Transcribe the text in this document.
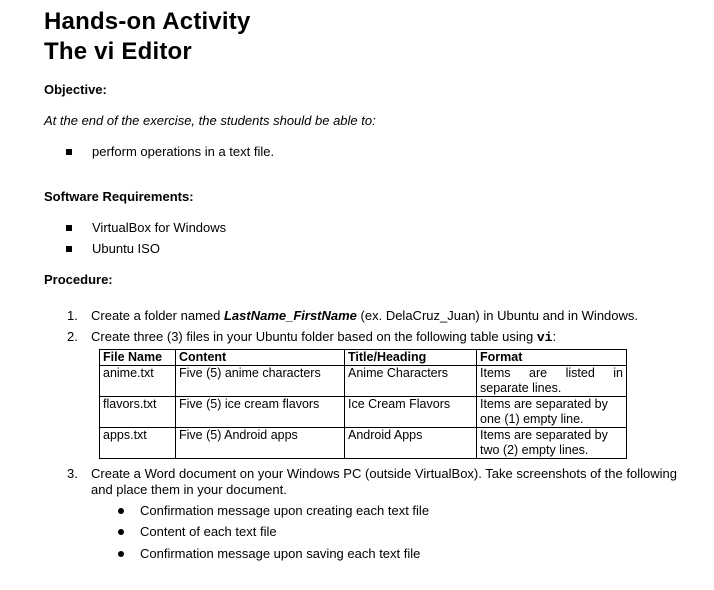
Hands-on Activity
The vi Editor
Objective:
At the end of the exercise, the students should be able to:
perform operations in a text file.
Software Requirements:
VirtualBox for Windows
Ubuntu ISO
Procedure:
1. Create a folder named LastName_FirstName (ex. DelaCruz_Juan) in Ubuntu and in Windows.
2. Create three (3) files in your Ubuntu folder based on the following table using vi:
File Name	Content	Title/Heading	Format
anime.txt	Five (5) anime characters	Anime Characters	Items are listed in separate lines.
flavors.txt	Five (5) ice cream flavors	Ice Cream Flavors	Items are separated by one (1) empty line.
apps.txt	Five (5) Android apps	Android Apps	Items are separated by two (2) empty lines.
3. Create a Word document on your Windows PC (outside VirtualBox). Take screenshots of the following and place them in your document.
Confirmation message upon creating each text file
Content of each text file
Confirmation message upon saving each text file
